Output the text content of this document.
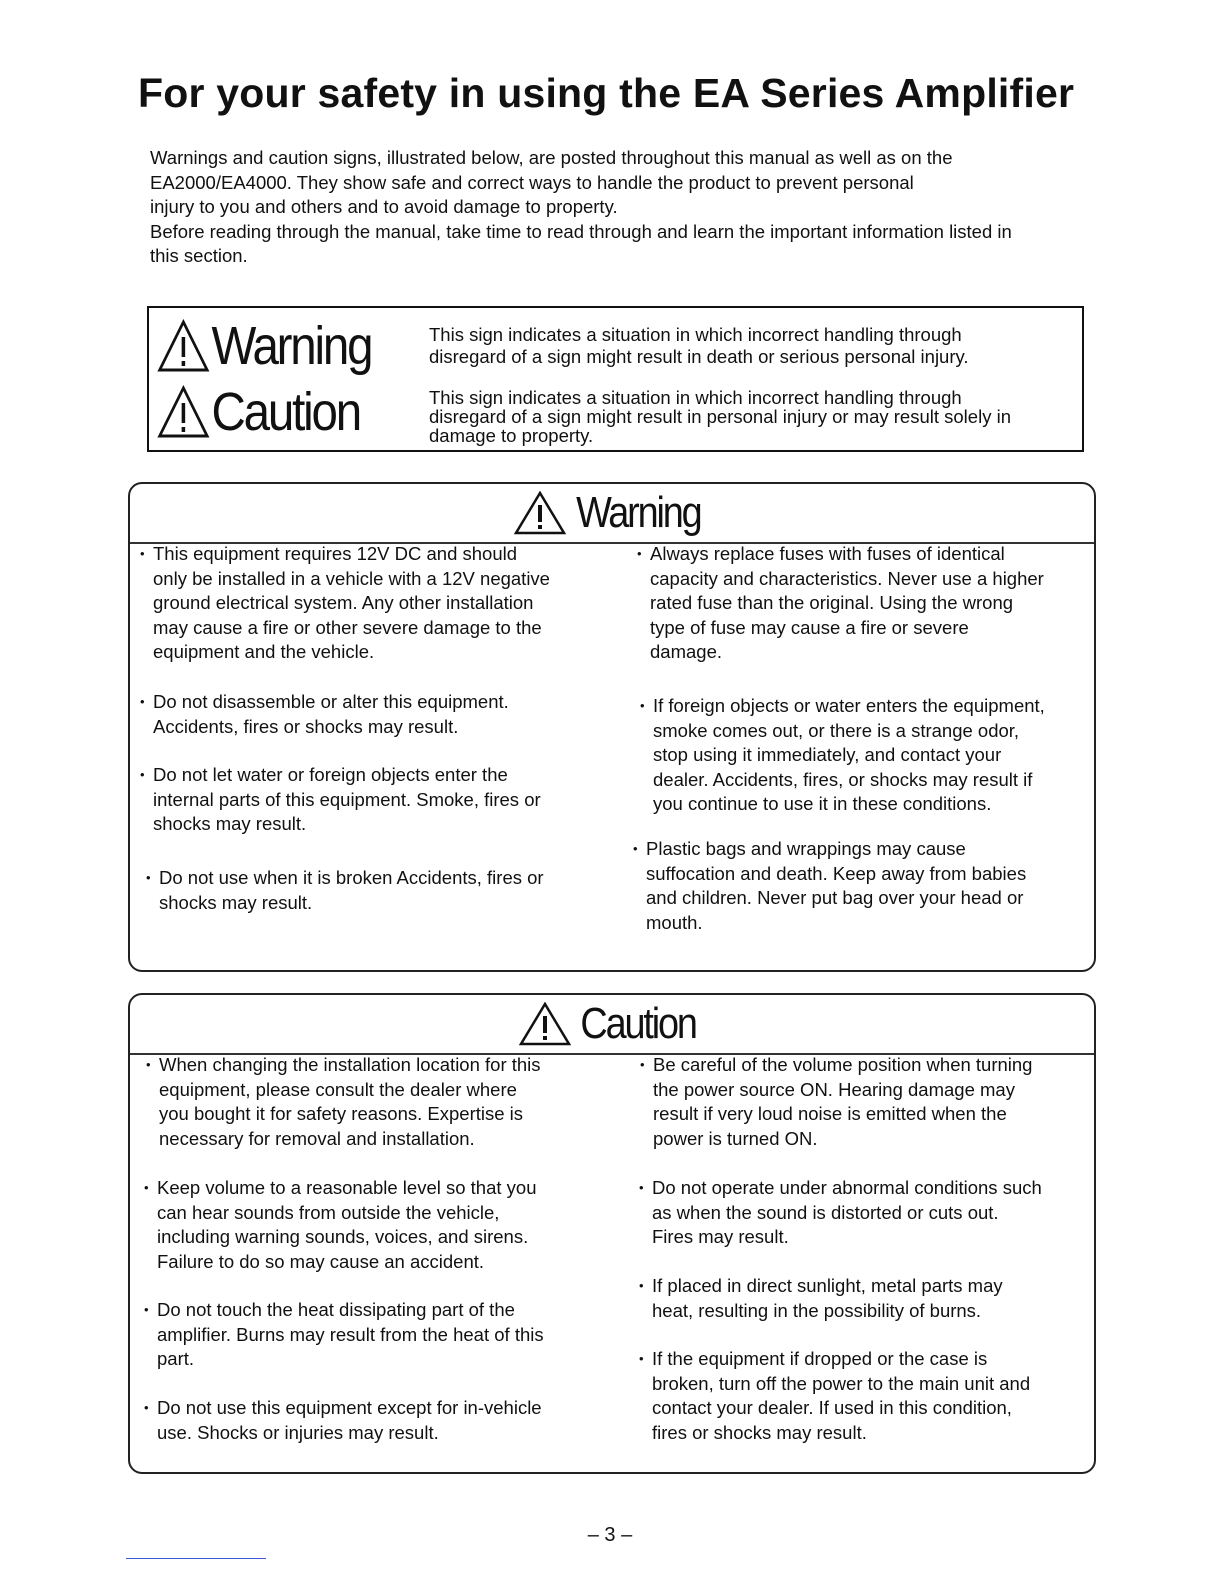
For your safety in using the EA Series Amplifier

Warnings and caution signs, illustrated below, are posted throughout this manual as well as on the

EA2000/EA4000. They show safe and correct ways to handle the product to prevent personal

injury to you and others and to avoid damage to property.

Before reading through the manual, take time to read through and learn the important information listed in

this section.

Warning	This sign indicates a situation in which incorrect handling through
disregard of a sign might result in death or serious personal injury.
Caution	This sign indicates a situation in which incorrect handling through
disregard of a sign might result in personal injury or may result solely in
damage to property.
Warning
• This equipment requires 12V DC and should
only be installed in a vehicle with a 12V negative
ground electrical system. Any other installation
may cause a fire or other severe damage to the
equipment and the vehicle.
• Do not disassemble or alter this equipment.
Accidents, fires or shocks may result.
• Do not let water or foreign objects enter the
internal parts of this equipment. Smoke, fires or
shocks may result.
• Do not use when it is broken Accidents, fires or
shocks may result.
• Always replace fuses with fuses of identical
capacity and characteristics. Never use a higher
rated fuse than the original. Using the wrong
type of fuse may cause a fire or severe
damage.
• If foreign objects or water enters the equipment,
smoke comes out, or there is a strange odor,
stop using it immediately, and contact your
dealer. Accidents, fires, or shocks may result if
you continue to use it in these conditions.
• Plastic bags and wrappings may cause
suffocation and death. Keep away from babies
and children. Never put bag over your head or
mouth.
Caution
• When changing the installation location for this
equipment, please consult the dealer where
you bought it for safety reasons. Expertise is
necessary for removal and installation.
• Keep volume to a reasonable level so that you
can hear sounds from outside the vehicle,
including warning sounds, voices, and sirens.
Failure to do so may cause an accident.
• Do not touch the heat dissipating part of the
amplifier. Burns may result from the heat of this
part.
• Do not use this equipment except for in-vehicle
use. Shocks or injuries may result.
• Be careful of the volume position when turning
the power source ON. Hearing damage may
result if very loud noise is emitted when the
power is turned ON.
• Do not operate under abnormal conditions such
as when the sound is distorted or cuts out.
Fires may result.
• If placed in direct sunlight, metal parts may
heat, resulting in the possibility of burns.
• If the equipment if dropped or the case is
broken, turn off the power to the main unit and
contact your dealer. If used in this condition,
fires or shocks may result.
– 3 –
